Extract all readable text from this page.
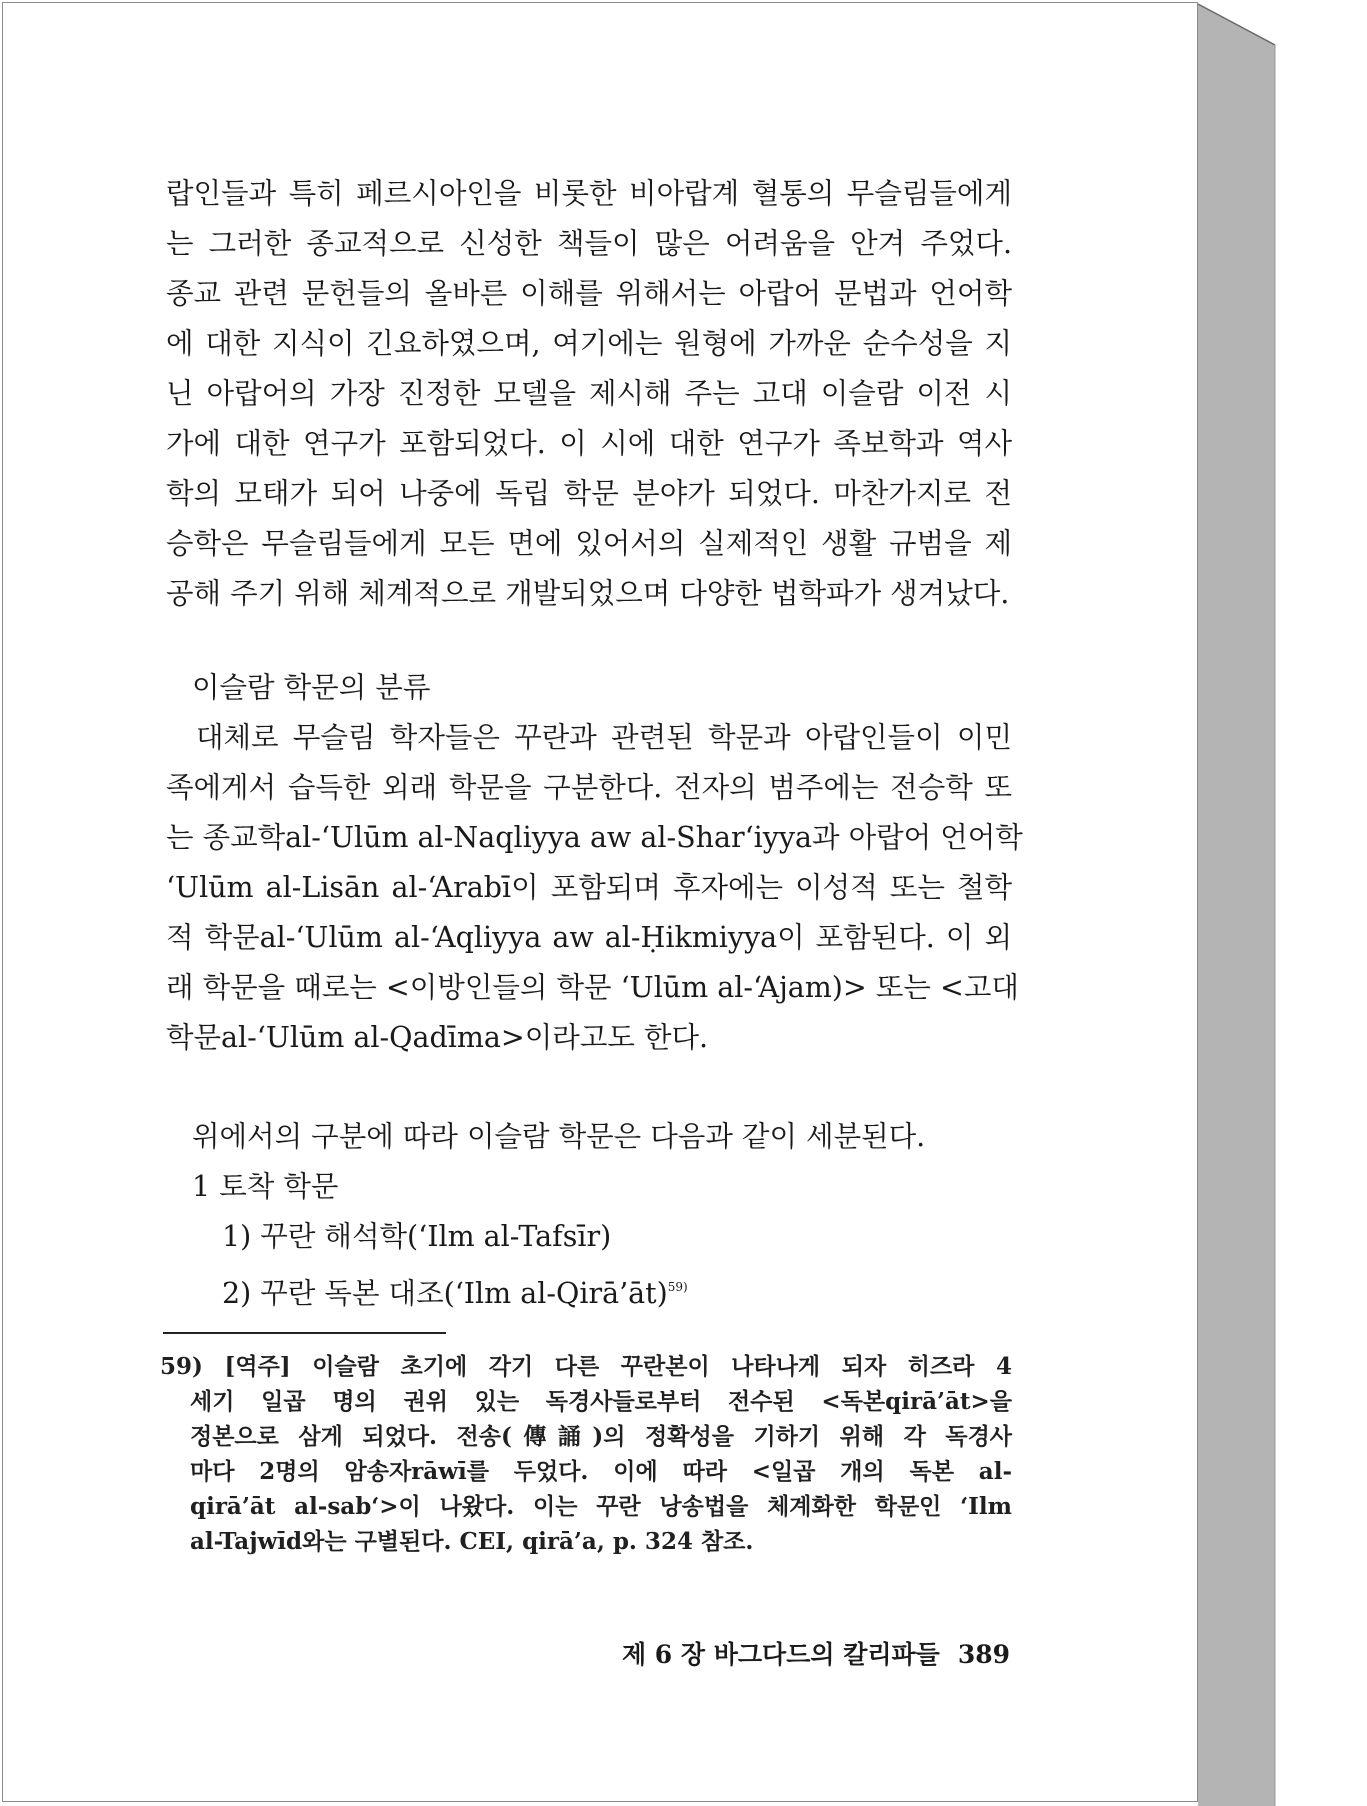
랍인들과 특히 페르시아인을 비롯한 비아랍계 혈통의 무슬림들에게
는 그러한 종교적으로 신성한 책들이 많은 어려움을 안겨 주었다.
종교 관련 문헌들의 올바른 이해를 위해서는 아랍어 문법과 언어학
에 대한 지식이 긴요하였으며, 여기에는 원형에 가까운 순수성을 지
닌 아랍어의 가장 진정한 모델을 제시해 주는 고대 이슬람 이전 시
가에 대한 연구가 포함되었다. 이 시에 대한 연구가 족보학과 역사
학의 모태가 되어 나중에 독립 학문 분야가 되었다. 마찬가지로 전
승학은 무슬림들에게 모든 면에 있어서의 실제적인 생활 규범을 제
공해 주기 위해 체계적으로 개발되었으며 다양한 법학파가 생겨났다.
이슬람 학문의 분류
대체로 무슬림 학자들은 꾸란과 관련된 학문과 아랍인들이 이민
족에게서 습득한 외래 학문을 구분한다. 전자의 범주에는 전승학 또
는 종교학al-‘Ulūm al-Naqliyya aw al-Shar‘iyya과 아랍어 언어학
‘Ulūm al-Lisān al-‘Arabī이 포함되며 후자에는 이성적 또는 철학
적 학문al-‘Ulūm al-‘Aqliyya aw al-Ḥikmiyya이 포함된다. 이 외
래 학문을 때로는 <이방인들의 학문 ‘Ulūm al-‘Ajam)> 또는 <고대
학문al-‘Ulūm al-Qadīma>이라고도 한다.
위에서의 구분에 따라 이슬람 학문은 다음과 같이 세분된다.
1 토착 학문
1) 꾸란 해석학(‘Ilm al-Tafsīr)
2) 꾸란 독본 대조(‘Ilm al-Qirā’āt)$^{59)}$
59) [역주] 이슬람 초기에 각기 다른 꾸란본이 나타나게 되자 히즈라 4
세기 일곱 명의 권위 있는 독경사들로부터 전수된 <독본qirā’āt>을
정본으로 삼게 되었다. 전송(傳誦)의 정확성을 기하기 위해 각 독경사
마다 2명의 암송자rāwī를 두었다. 이에 따라 <일곱 개의 독본 al-
qirā’āt al-sab‘>이 나왔다. 이는 꾸란 낭송법을 체계화한 학문인 ‘Ilm
al-Tajwīd와는 구별된다. CEI, qirā’a, p. 324 참조.
제 6 장 바그다드의 칼리파들 389
